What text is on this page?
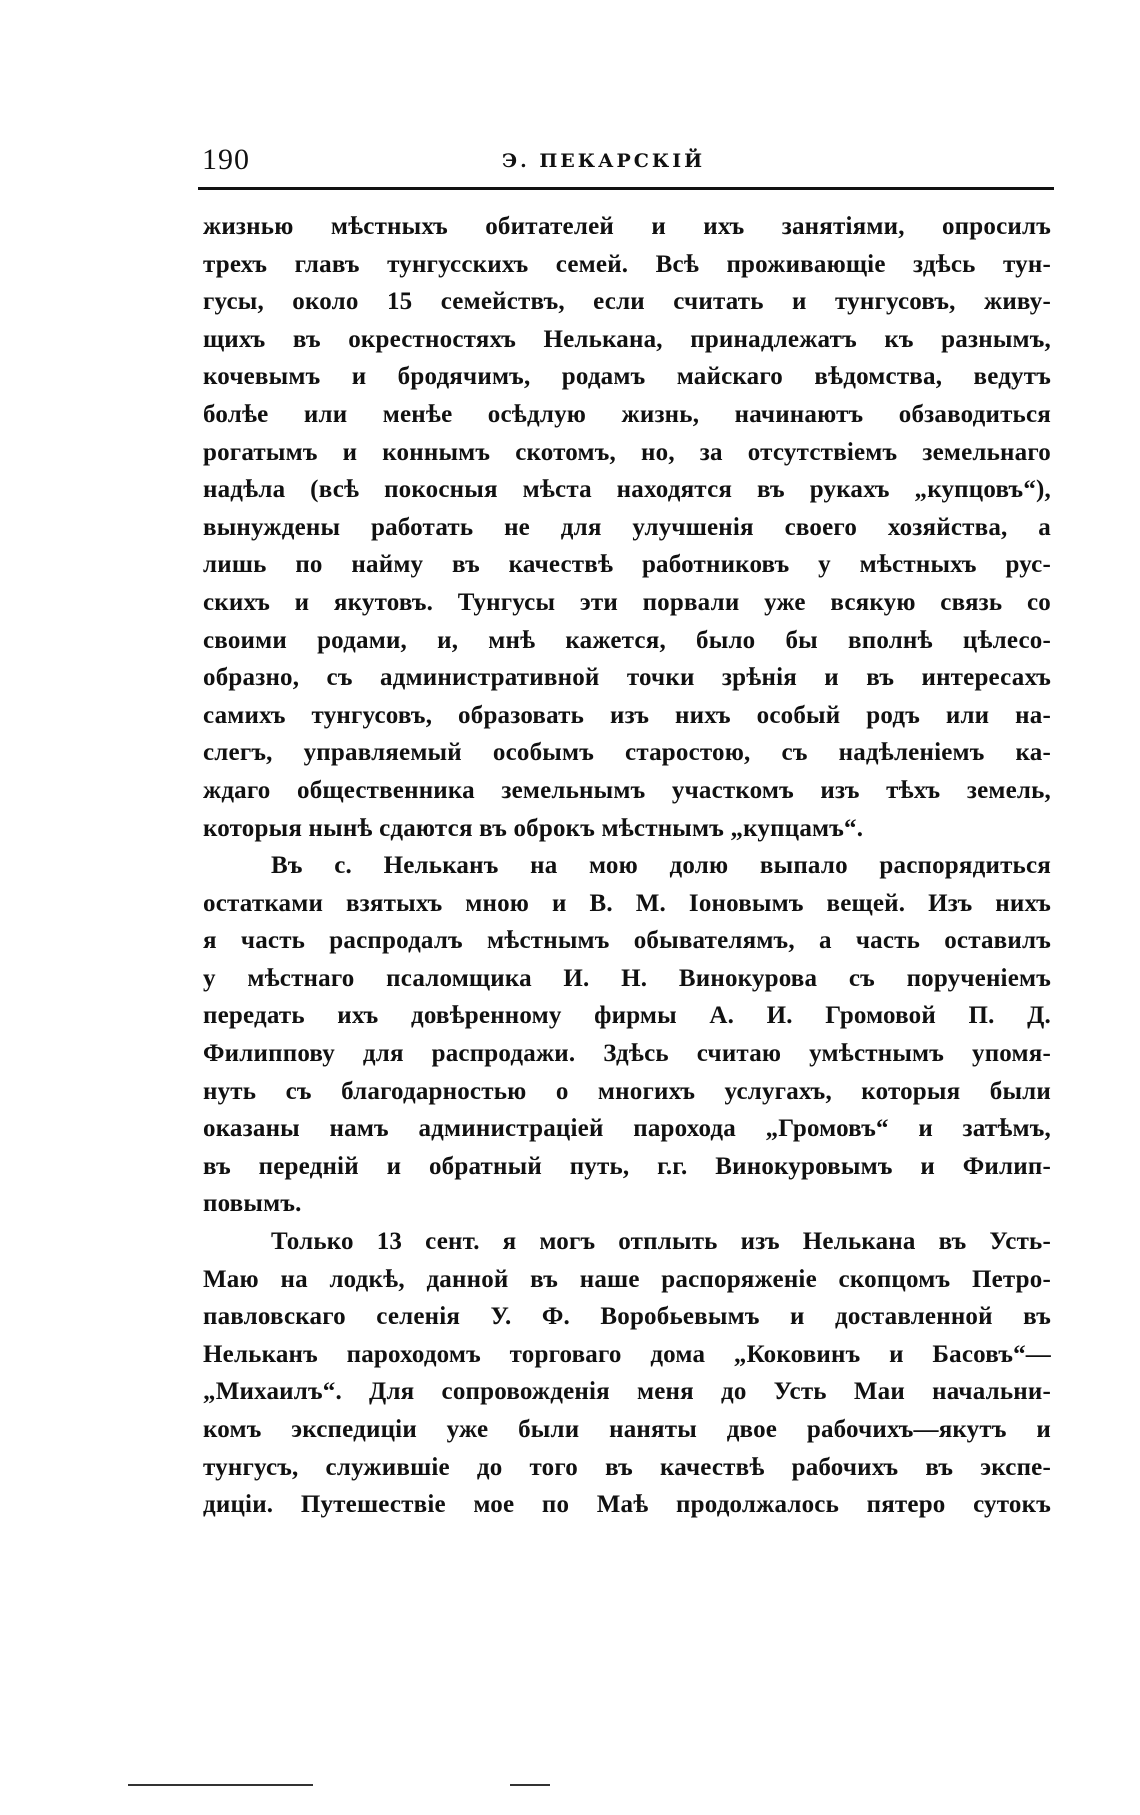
190	Э. ПЕКАРСКІЙ
жизнью мѣстныхъ обитателей и ихъ занятіями, опросилъ
трехъ главъ тунгусскихъ семей. Всѣ проживающіе здѣсь тун-
гусы, около 15 семействъ, если считать и тунгусовъ, живу-
щихъ въ окрестностяхъ Нелькана, принадлежатъ къ разнымъ,
кочевымъ и бродячимъ, родамъ майскаго вѣдомства, ведутъ
болѣе или менѣе осѣдлую жизнь, начинаютъ обзаводиться
рогатымъ и коннымъ скотомъ, но, за отсутствіемъ земельнаго
надѣла (всѣ покосныя мѣста находятся въ рукахъ „купцовъ“),
вынуждены работать не для улучшенія своего хозяйства, а
лишь по найму въ качествѣ работниковъ у мѣстныхъ рус-
скихъ и якутовъ. Тунгусы эти порвали уже всякую связь со
своими родами, и, мнѣ кажется, было бы вполнѣ цѣлесо-
образно, съ административной точки зрѣнія и въ интересахъ
самихъ тунгусовъ, образовать изъ нихъ особый родъ или на-
слегъ, управляемый особымъ старостою, съ надѣленіемъ ка-
ждаго общественника земельнымъ участкомъ изъ тѣхъ земель,
которыя нынѣ сдаются въ оброкъ мѣстнымъ „купцамъ“.
Въ с. Нельканъ на мою долю выпало распорядиться
остатками взятыхъ мною и В. М. Іоновымъ вещей. Изъ нихъ
я часть распродалъ мѣстнымъ обывателямъ, а часть оставилъ
у мѣстнаго псаломщика И. Н. Винокурова съ порученіемъ
передать ихъ довѣренному фирмы А. И. Громовой П. Д.
Филиппову для распродажи. Здѣсь считаю умѣстнымъ упомя-
нуть съ благодарностью о многихъ услугахъ, которыя были
оказаны намъ администраціей парохода „Громовъ“ и затѣмъ,
въ передній и обратный путь, г.г. Винокуровымъ и Филип-
повымъ.
Только 13 сент. я могъ отплыть изъ Нелькана въ Усть-
Маю на лодкѣ, данной въ наше распоряженіе скопцомъ Петро-
павловскаго селенія У. Ф. Воробьевымъ и доставленной въ
Нельканъ пароходомъ торговаго дома „Коковинъ и Басовъ“—
„Михаилъ“. Для сопровожденія меня до Усть Маи начальни-
комъ экспедиціи уже были наняты двое рабочихъ—якутъ и
тунгусъ, служившіе до того въ качествѣ рабочихъ въ экспе-
диціи. Путешествіе мое по Маѣ продолжалось пятеро сутокъ
